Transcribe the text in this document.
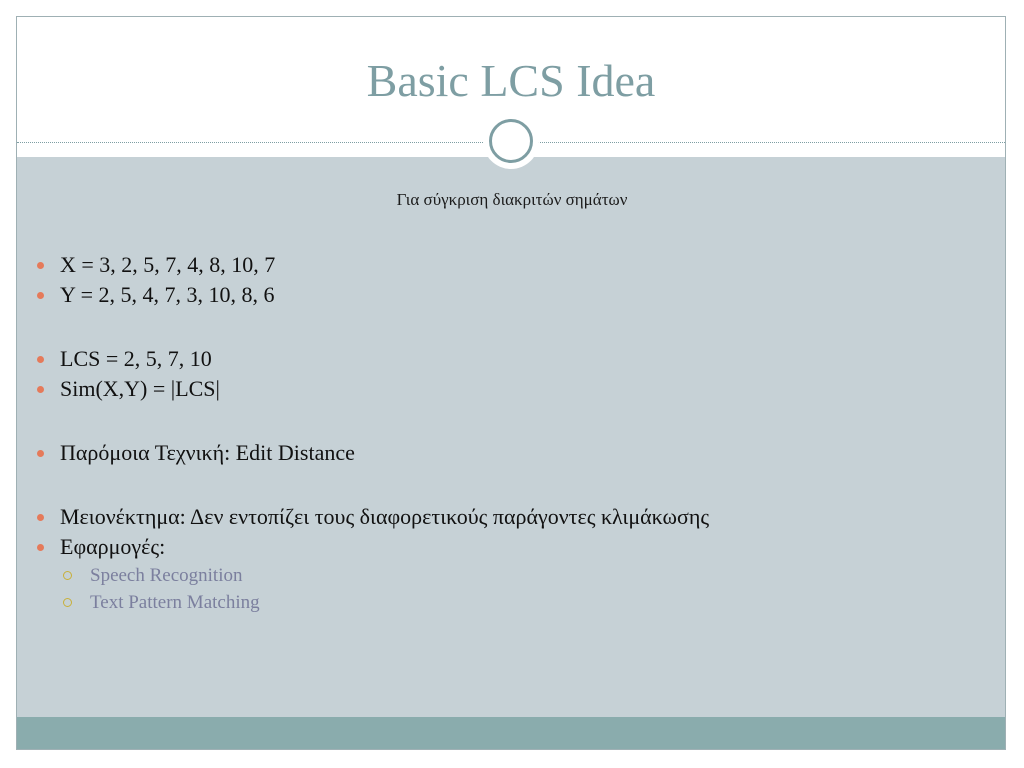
Basic LCS Idea
Για σύγκριση διακριτών σημάτων
X = 3, 2, 5, 7, 4, 8, 10, 7
Y = 2, 5, 4, 7, 3, 10, 8, 6
LCS = 2, 5, 7, 10
Sim(X,Y) = |LCS|
Παρόμοια Τεχνική: Edit Distance
Μειονέκτημα: Δεν εντοπίζει τους διαφορετικούς παράγοντες κλιμάκωσης
Εφαρμογές:
Speech Recognition
Text Pattern Matching
